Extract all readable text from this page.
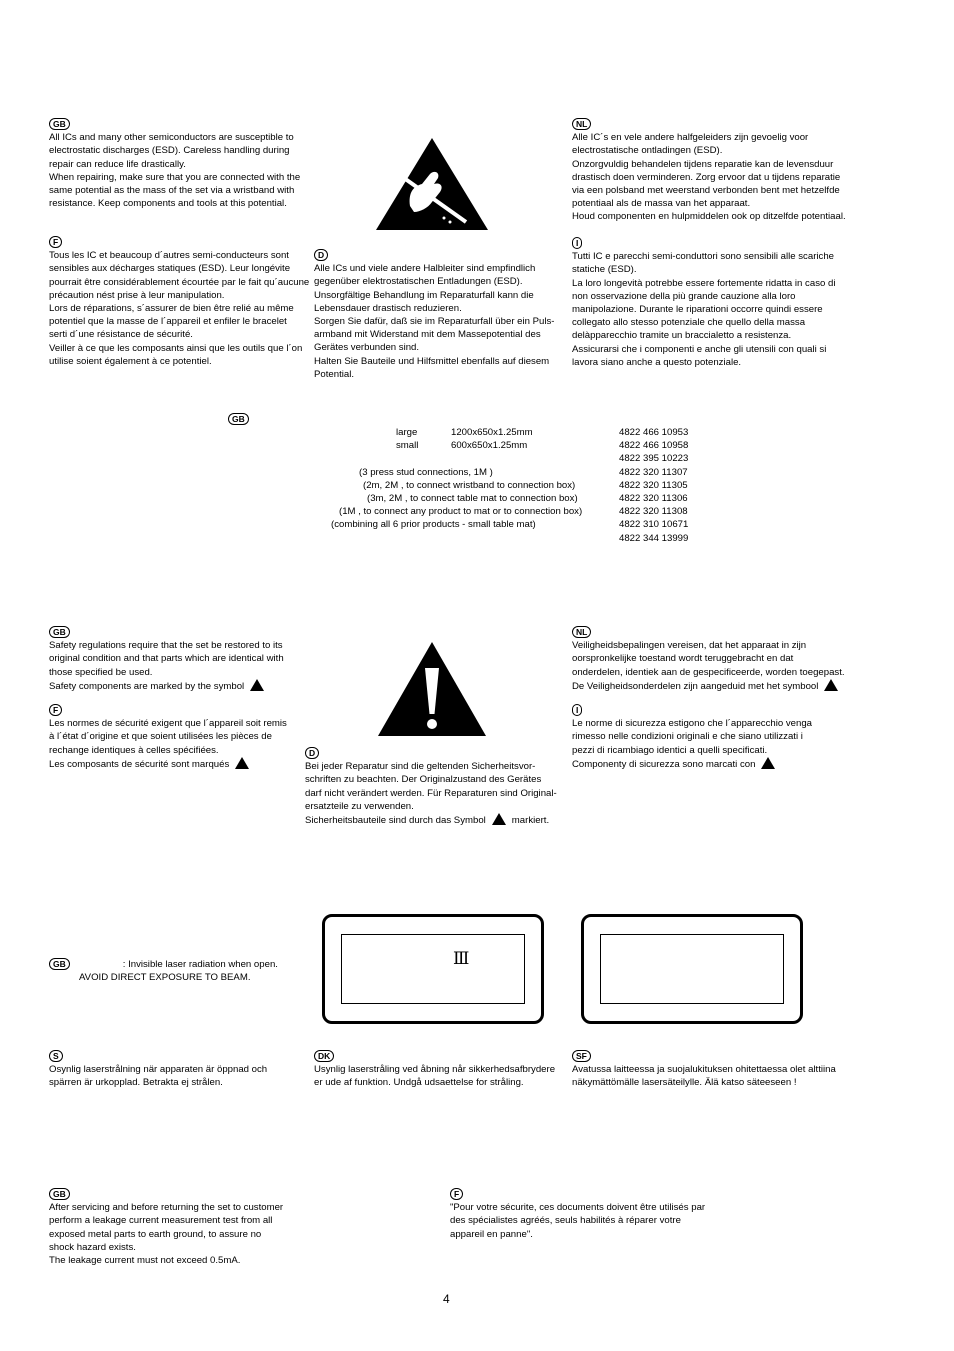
GB

All ICs and many other semiconductors are susceptible to

electrostatic discharges (ESD). Careless handling during

repair can reduce life drastically.

When repairing, make sure that you are connected with the

same potential as the mass of the set via a wristband with

resistance. Keep components and tools at this potential.

F

Tous les IC et beaucoup d´autres semi-conducteurs sont

sensibles aux décharges statiques (ESD). Leur longévite

pourrait être considérablement écourtée par le fait qu´aucune

précaution nést prise à leur manipulation.

Lors de réparations, s´assurer de bien être relié au même

potentiel que la masse de l´appareil et enfiler le bracelet

serti d´une résistance de sécurité.

Veiller à ce que les composants ainsi que les outils que l´on

utilise soient également à ce potentiel.

D

Alle ICs und viele andere Halbleiter sind empfindlich

gegenüber elektrostatischen Entladungen (ESD).

Unsorgfältige Behandlung im Reparaturfall kann die

Lebensdauer drastisch reduzieren.

Sorgen Sie dafür, daß sie im Reparaturfall über ein Puls-

armband mit Widerstand mit dem Massepotential des

Gerätes verbunden sind.

Halten Sie Bauteile und Hilfsmittel ebenfalls auf diesem

Potential.

NL

Alle IC´s en vele andere halfgeleiders zijn gevoelig voor

electrostatische ontladingen (ESD).

Onzorgvuldig behandelen tijdens reparatie kan de levensduur

drastisch doen verminderen. Zorg ervoor dat u tijdens reparatie

via een polsband met weerstand verbonden bent met hetzelfde

potentiaal als de massa van het apparaat.

Houd componenten en hulpmiddelen ook op ditzelfde potentiaal.

I

Tutti IC e parecchi semi-conduttori sono sensibili alle scariche

statiche (ESD).

La loro longevità potrebbe essere fortemente ridatta in caso di

non osservazione della più grande cauzione alla loro

manipolazione. Durante le riparationi occorre quindi essere

collegato allo stesso potenziale che quello della massa

delàpparecchio tramite un braccialetto a resistenza.

Assicurarsi che i componenti e anche gli utensili con quali si

lavora siano anche a questo potenziale.

GB
large	1200x650x1.25mm	4822 466 10953
small	600x650x1.25mm	4822 466 10958
4822 395 10223
(3 press stud connections, 1M )	4822 320 11307
(2m, 2M , to connect wristband to connection box)	4822 320 11305
(3m, 2M , to connect table mat to connection box)	4822 320 11306
(1M , to connect any product to mat or to connection box)	4822 320 11308
(combining all 6 prior products - small table mat)	4822 310 10671
4822 344 13999
GB

Safety regulations require that the set be restored to its

original condition and that parts which are identical with

those specified be used.

Safety components are marked by the symbol

F

Les normes de sécurité exigent que l´appareil soit remis

à l´état d´origine et que soient utilisées les pièces de

rechange identiques à celles spécifiées.

Les composants de sécurité sont marqués

D

Bei jeder Reparatur sind die geltenden Sicherheitsvor-

schriften zu beachten. Der Originalzustand des Gerätes

darf nicht verändert werden. Für Reparaturen sind Original-

ersatzteile zu verwenden.

Sicherheitsbauteile sind durch das Symbol	markiert.

NL

Veiligheidsbepalingen vereisen, dat het apparaat in zijn

oorspronkelijke toestand wordt teruggebracht en dat

onderdelen, identiek aan de gespecificeerde, worden toegepast.

De Veiligheidsonderdelen zijn aangeduid met het symbool

I

Le norme di sicurezza estigono che l´apparecchio venga

rimesso nelle condizioni originali e che siano utilizzati i

pezzi di ricambiago identici a quelli specificati.

Componenty di sicurezza sono marcati con

GB	: Invisible laser radiation when open.

AVOID DIRECT EXPOSURE TO BEAM.

Ⅲ
S

Osynlig laserstrålning när apparaten är öppnad och

spärren är urkopplad. Betrakta ej strålen.

DK

Usynlig laserstråling ved åbning når sikkerhedsafbrydere

er ude af funktion. Undgå udsaettelse for stråling.

SF

Avatussa laitteessa ja suojalukituksen ohitettaessa olet alttiina

näkymättömälle lasersäteilylle. Älä katso säteeseen !

GB

After servicing and before returning the set to customer

perform a leakage current measurement test from all

exposed metal parts to earth ground, to assure no

shock hazard exists.

The leakage current must not exceed 0.5mA.

F

"Pour votre sécurite, ces documents doivent être utilisés par

des spécialistes agréés, seuls habilités à réparer votre

appareil en panne".

4
